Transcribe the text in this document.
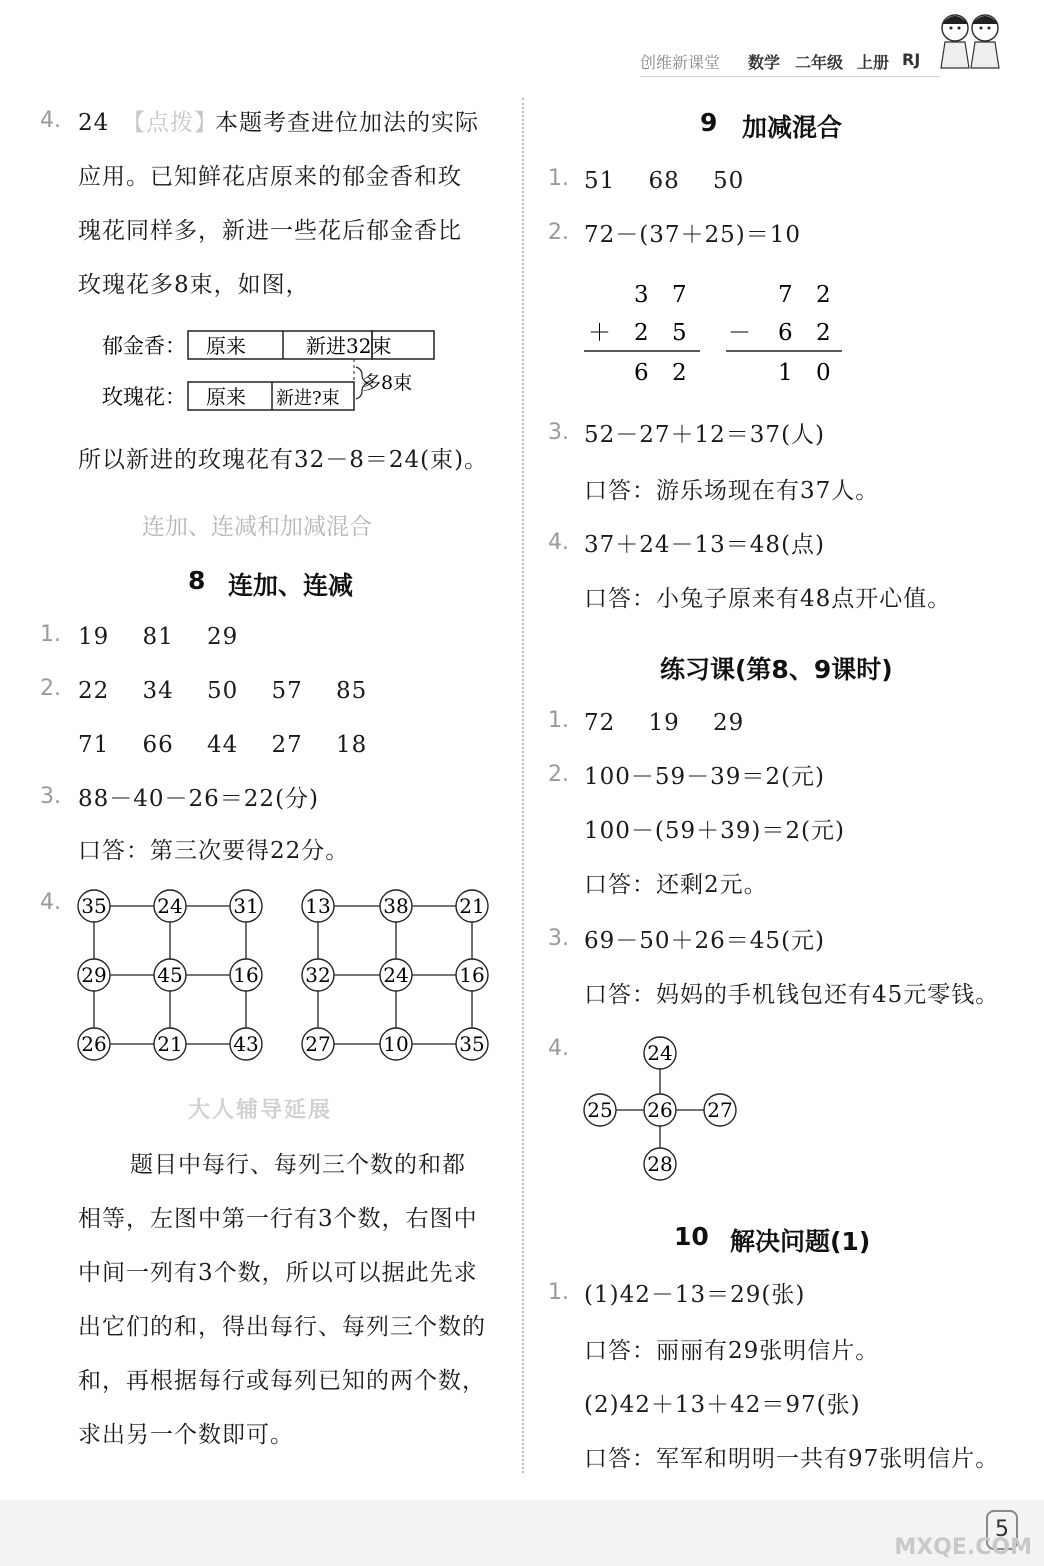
创维新课堂 数学 二年级 上册 RJ
4. 24 【点拨】
本题考查进位加法的实际
应用。已知鲜花店原来的郁金香和玫
瑰花同样多，新进一些花后郁金香比
玫瑰花多8束，如图，
郁金香： 原来	新进32束
玫瑰花： 原来 新进?束
多8束
所以新进的玫瑰花有32－8＝24(束)。
连加、连减和加减混合
8 连加、连减
1. 19    81    29
2. 22    34    50    57    85
71    66    44    27    18
3. 88－40－26＝22(分)
口答：第三次要得22分。
4. 35	24	31
29	45	16
26	21	43
13	38	21
32	24	16
27	10	35
大人辅导延展
题目中每行、每列三个数的和都
相等，左图中第一行有3个数，右图中
中间一列有3个数，所以可以据此先求
出它们的和，得出每行、每列三个数的
和，再根据每行或每列已知的两个数，
求出另一个数即可。
9 加减混合
1. 51    68    50
2. 72－(37＋25)＝10
3 7
＋ 2 5
6 2
7 2
－ 6 2
1 0
3. 52－27＋12＝37(人)
口答：游乐场现在有37人。
4. 37＋24－13＝48(点)
口答：小兔子原来有48点开心值。
练习课(第8、9课时)
1. 72    19    29
2. 100－59－39＝2(元)
100－(59＋39)＝2(元)
口答：还剩2元。
3. 69－50＋26＝45(元)
口答：妈妈的手机钱包还有45元零钱。
4.	24
25 26 27
28
10 解决问题(1)
1. (1)42－13＝29(张)
口答：丽丽有29张明信片。
(2)42＋13＋42＝97(张)
口答：军军和明明一共有97张明信片。
5
MXQE.COM
